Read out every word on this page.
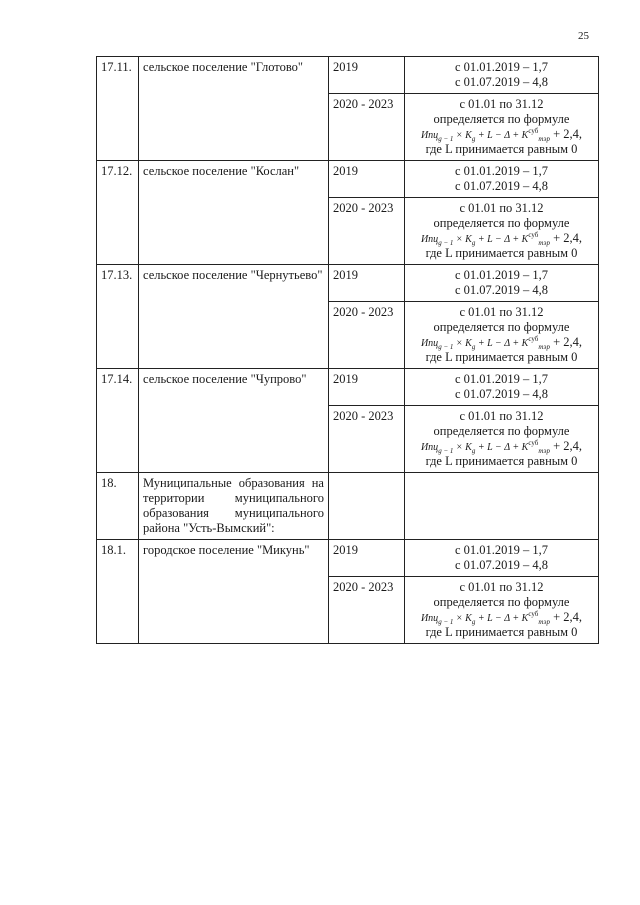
25
17.11.	сельское поселение "Глотово"	2019	с 01.01.2019 – 1,7
с 01.07.2019 – 4,8

		2020 - 2023	с 01.01 по 31.12
определяется по формуле
$Ипц_{g - 1} \times K_g + L - \Delta + K^{суб}_{тэр} + 2,4$,
где L принимается равным 0

17.12.	сельское поселение "Кослан"	2019	с 01.01.2019 – 1,7
с 01.07.2019 – 4,8

		2020 - 2023	с 01.01 по 31.12
определяется по формуле
$Ипц_{g - 1} \times K_g + L - \Delta + K^{суб}_{тэр} + 2,4$,
где L принимается равным 0

17.13.	сельское поселение "Чернутьево"	2019	с 01.01.2019 – 1,7
с 01.07.2019 – 4,8

		2020 - 2023	с 01.01 по 31.12
определяется по формуле
$Ипц_{g - 1} \times K_g + L - \Delta + K^{суб}_{тэр} + 2,4$,
где L принимается равным 0

17.14.	сельское поселение "Чупрово"	2019	с 01.01.2019 – 1,7
с 01.07.2019 – 4,8

		2020 - 2023	с 01.01 по 31.12
определяется по формуле
$Ипц_{g - 1} \times K_g + L - \Delta + K^{суб}_{тэр} + 2,4$,
где L принимается равным 0

18.	Муниципальные образования на территории муниципального образования муниципального района "Усть-Вымский":		
18.1.	городское поселение "Микунь"	2019	с 01.01.2019 – 1,7
с 01.07.2019 – 4,8

		2020 - 2023	с 01.01 по 31.12
определяется по формуле
$Ипц_{g - 1} \times K_g + L - \Delta + K^{суб}_{тэр} + 2,4$,
где L принимается равным 0
